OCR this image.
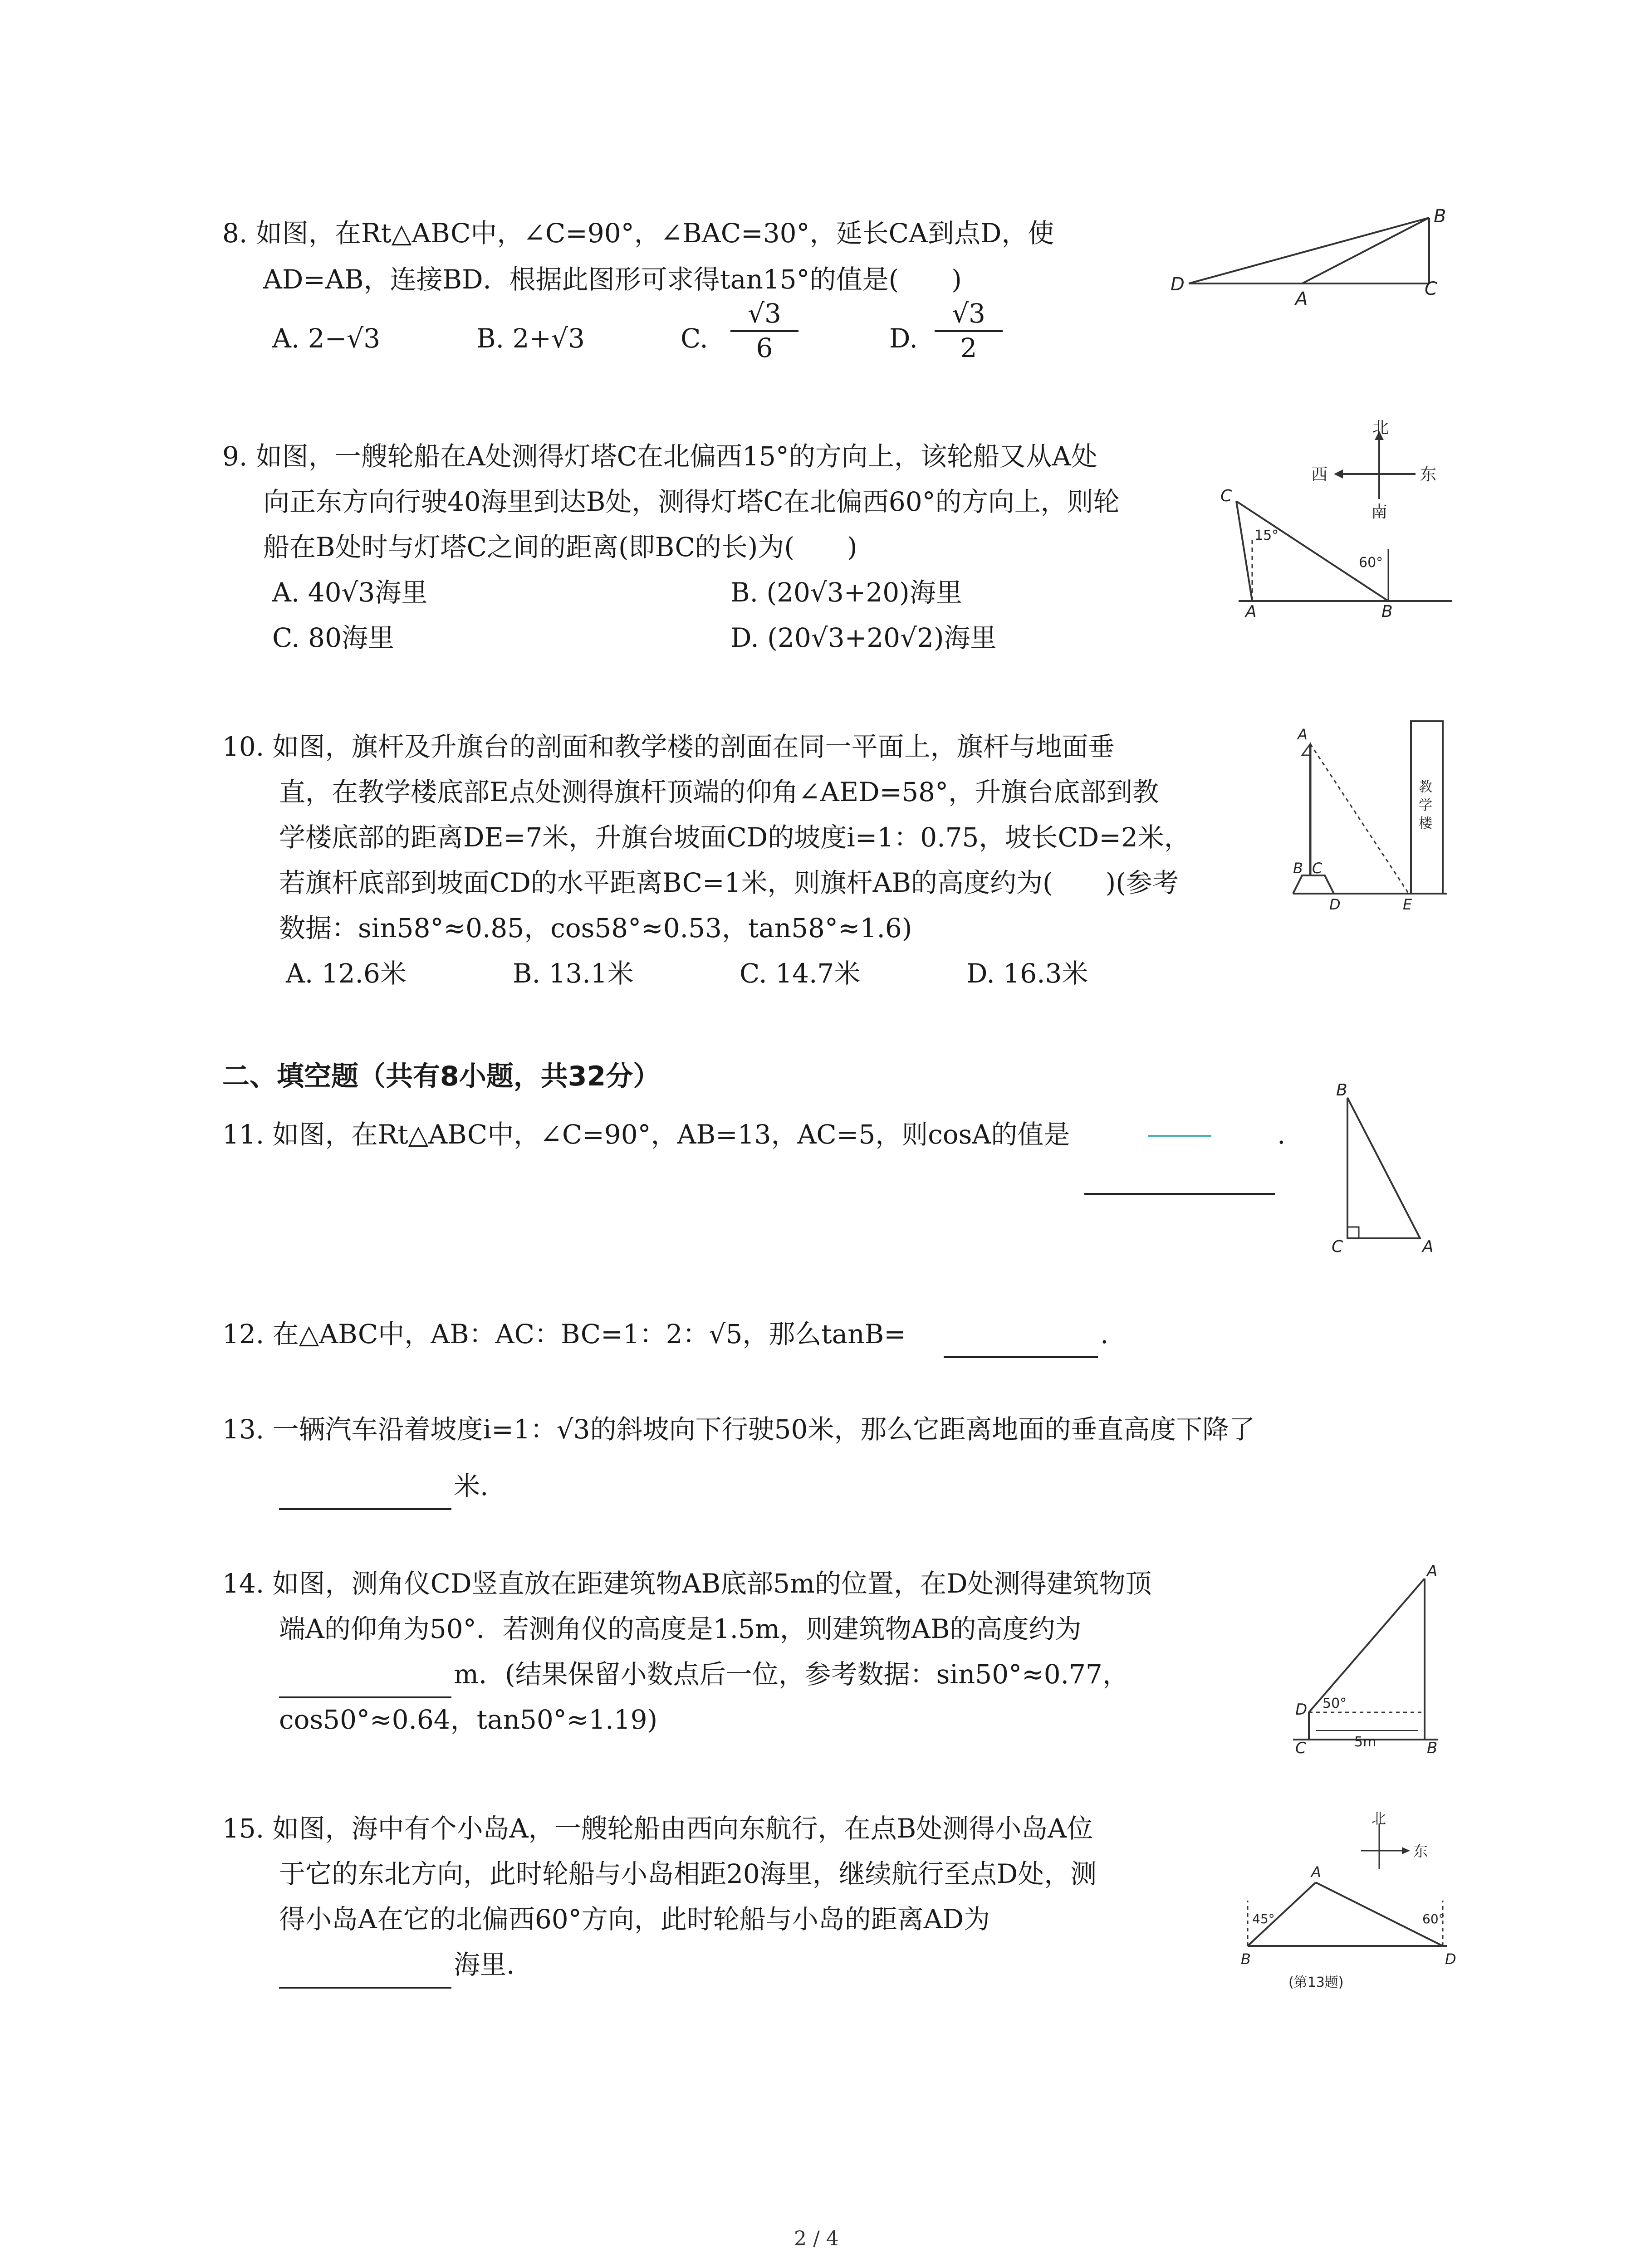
8. 如图，在Rt△ABC中，∠C=90°，∠BAC=30°，延长CA到点D，使
AD=AB，连接BD．根据此图形可求得tan15°的值是(　　)
A. 2−√3	B. 2+√3	C.
√3
6	D.
√3
2
B
D
A	C
9. 如图，一艘轮船在A处测得灯塔C在北偏西15°的方向上，该轮船又从A处
向正东方向行驶40海里到达B处，测得灯塔C在北偏西60°的方向上，则轮
船在B处时与灯塔C之间的距离(即BC的长)为(　　)
A. 40√3海里	B. (20√3+20)海里
C. 80海里	D. (20√3+20√2)海里
北
西	东
南
C
A	B
15°
60°
10. 如图，旗杆及升旗台的剖面和教学楼的剖面在同一平面上，旗杆与地面垂
直，在教学楼底部E点处测得旗杆顶端的仰角∠AED=58°，升旗台底部到教
学楼底部的距离DE=7米，升旗台坡面CD的坡度i=1：0.75，坡长CD=2米，
若旗杆底部到坡面CD的水平距离BC=1米，则旗杆AB的高度约为(　　)(参考
数据：sin58°≈0.85，cos58°≈0.53，tan58°≈1.6)
A. 12.6米	B. 13.1米	C. 14.7米	D. 16.3米
教
学
楼
A
B C
D	E
二、填空题（共有8小题，共32分）
11. 如图，在Rt△ABC中，∠C=90°，AB=13，AC=5，则cosA的值是	.
B
C	A
12. 在△ABC中，AB：AC：BC=1：2：√5，那么tanB=	.
13. 一辆汽车沿着坡度i=1：√3的斜坡向下行驶50米，那么它距离地面的垂直高度下降了
米.
14. 如图，测角仪CD竖直放在距建筑物AB底部5m的位置，在D处测得建筑物顶
端A的仰角为50°．若测角仪的高度是1.5m，则建筑物AB的高度约为
m．(结果保留小数点后一位，参考数据：sin50°≈0.77，
cos50°≈0.64，tan50°≈1.19)
A
D
C	B
50°
5m
15. 如图，海中有个小岛A，一艘轮船由西向东航行，在点B处测得小岛A位
于它的东北方向，此时轮船与小岛相距20海里，继续航行至点D处，测
得小岛A在它的北偏西60°方向，此时轮船与小岛的距离AD为
海里.
北
东
A
B	D
45°	60°
(第13题)
2 / 4
